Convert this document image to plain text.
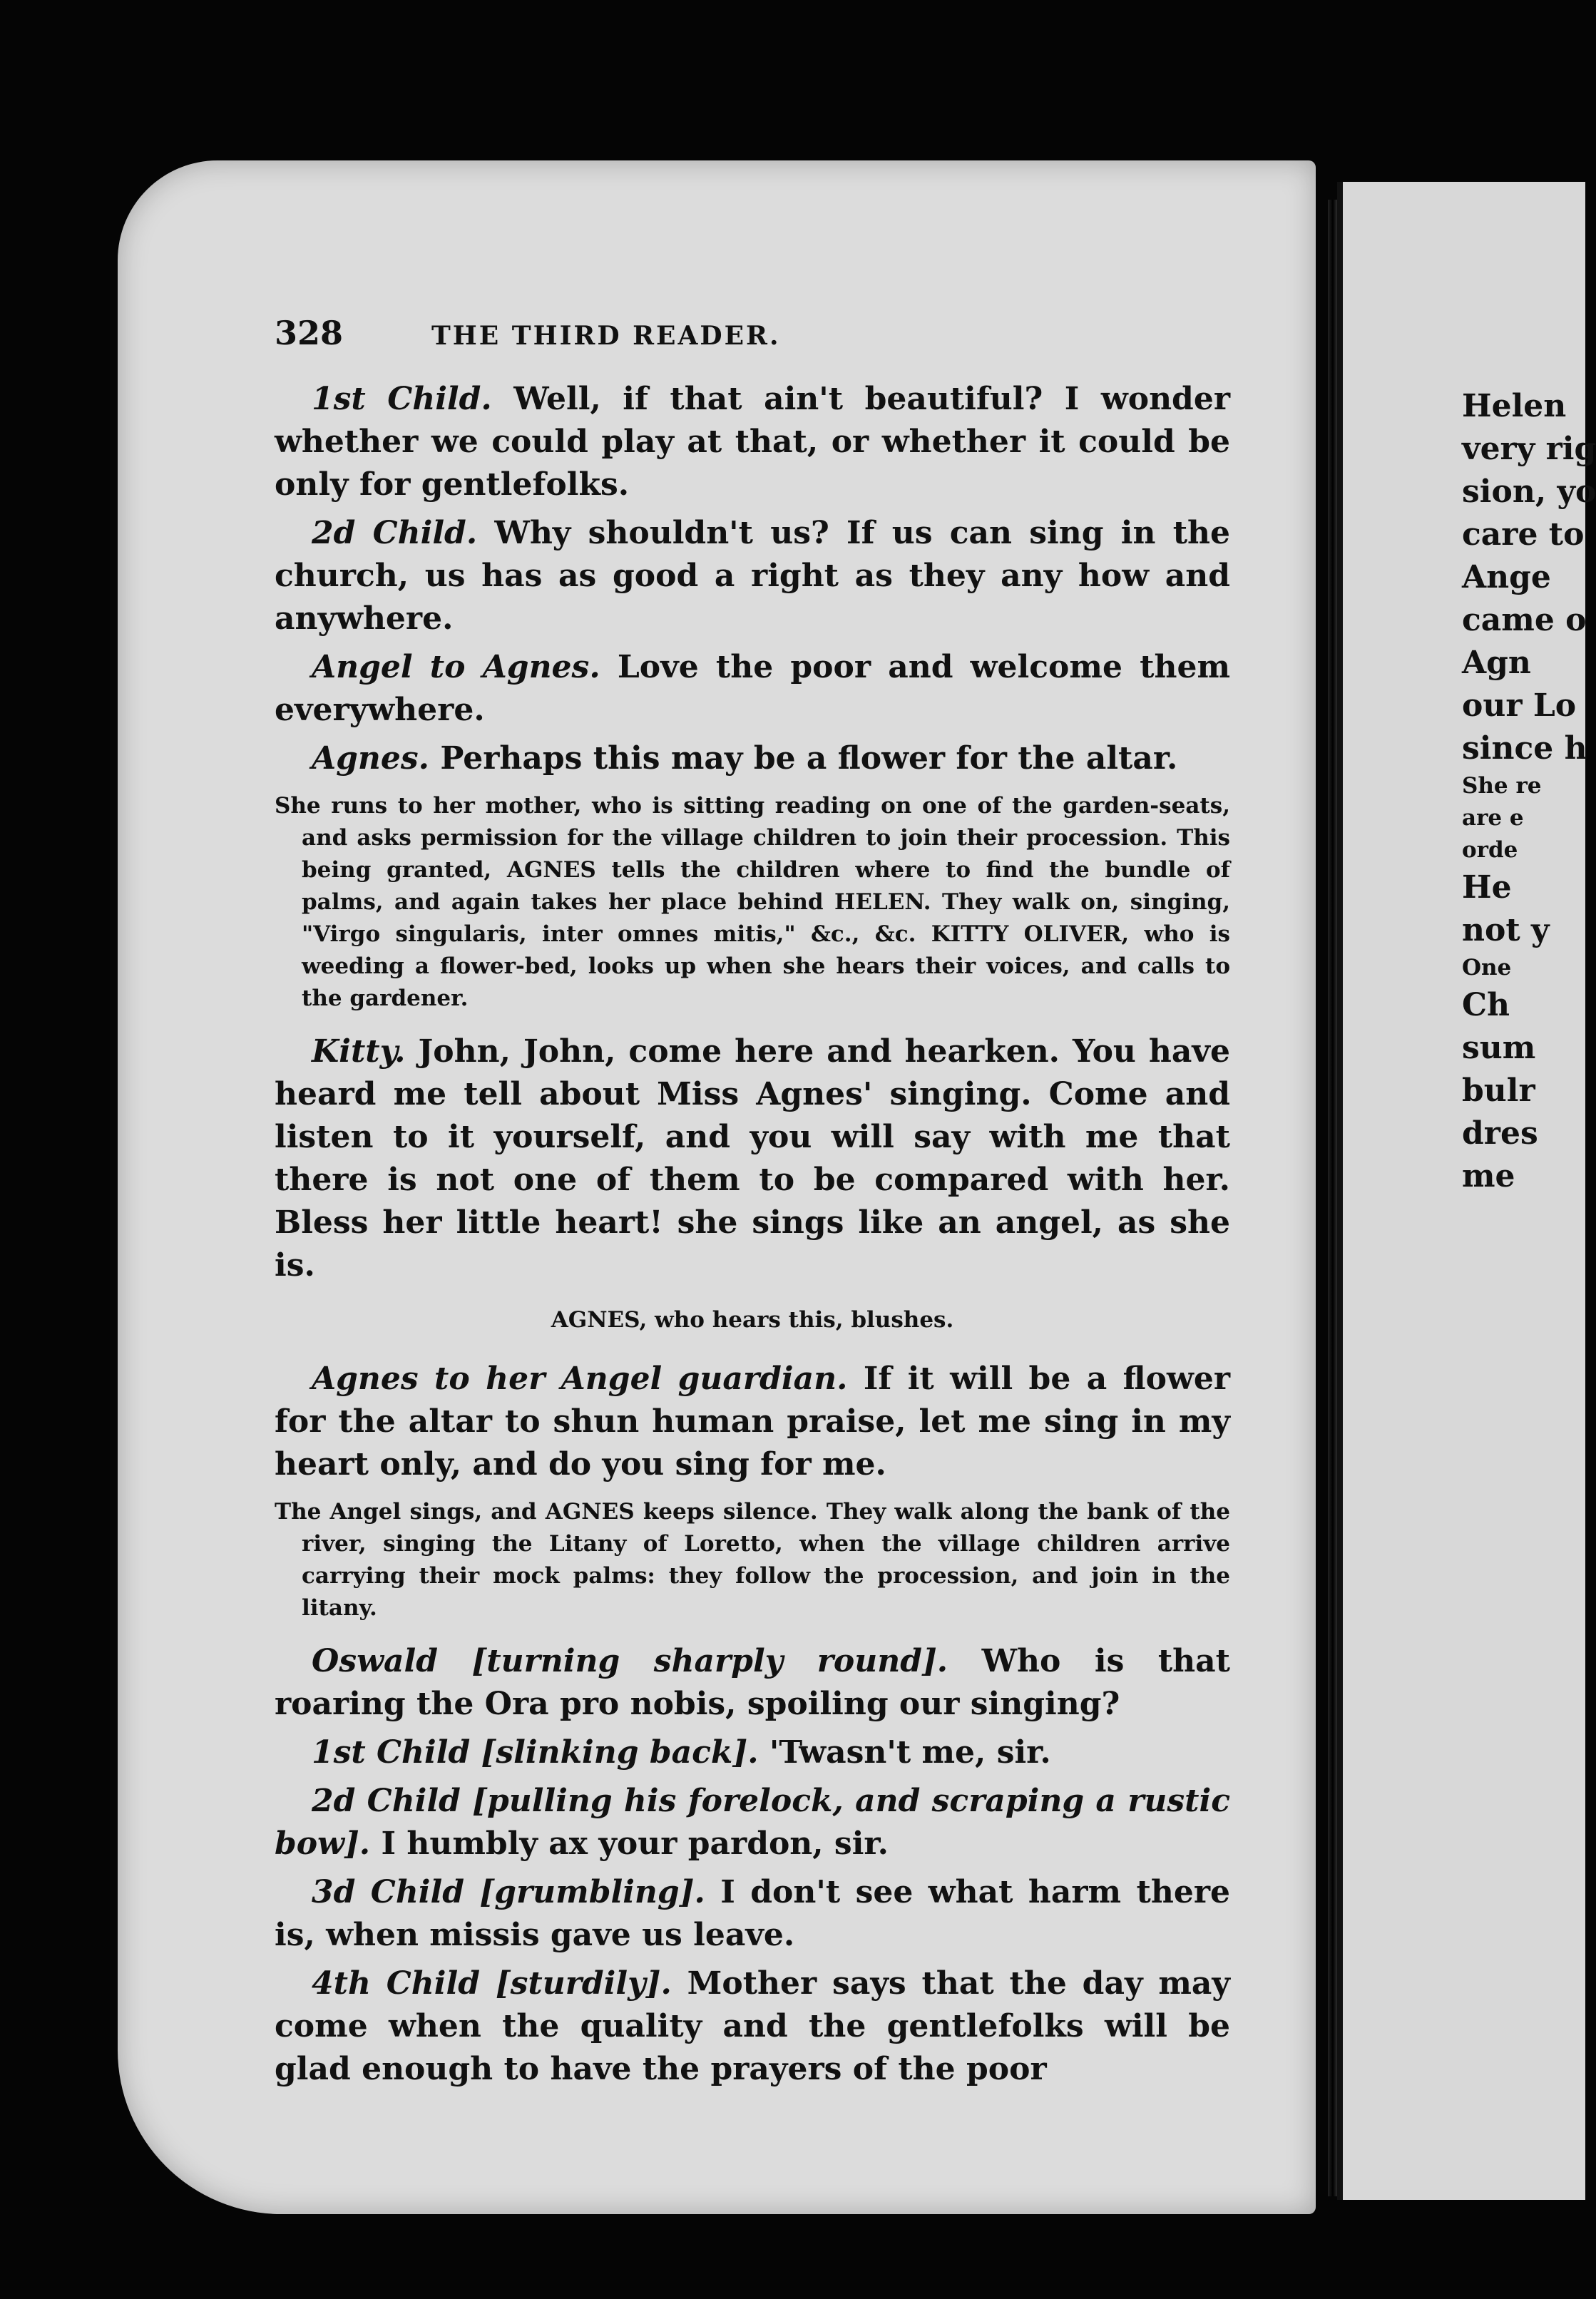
328	THE THIRD READER.

1st Child. Well, if that ain't beautiful? I wonder whether we could play at that, or whether it could be only for gentlefolks.

2d Child. Why shouldn't us? If us can sing in the church, us has as good a right as they any how and anywhere.

Angel to Agnes. Love the poor and welcome them everywhere.

Agnes. Perhaps this may be a flower for the altar.

She runs to her mother, who is sitting reading on one of the garden-seats, and asks permission for the village children to join their procession. This being granted, AGNES tells the children where to find the bundle of palms, and again takes her place behind HELEN. They walk on, singing, "Virgo singularis, inter omnes mitis," &c., &c. KITTY OLIVER, who is weeding a flower-bed, looks up when she hears their voices, and calls to the gardener.

Kitty. John, John, come here and hearken. You have heard me tell about Miss Agnes' singing. Come and listen to it yourself, and you will say with me that there is not one of them to be compared with her. Bless her little heart! she sings like an angel, as she is.

AGNES, who hears this, blushes.

Agnes to her Angel guardian. If it will be a flower for the altar to shun human praise, let me sing in my heart only, and do you sing for me.

The Angel sings, and AGNES keeps silence. They walk along the bank of the river, singing the Litany of Loretto, when the village children arrive carrying their mock palms: they follow the procession, and join in the litany.

Oswald [turning sharply round]. Who is that roaring the Ora pro nobis, spoiling our singing?

1st Child [slinking back]. 'Twasn't me, sir.

2d Child [pulling his forelock, and scraping a rustic bow]. I humbly ax your pardon, sir.

3d Child [grumbling]. I don't see what harm there is, when missis gave us leave.

4th Child [sturdily]. Mother says that the day may come when the quality and the gentlefolks will be glad enough to have the prayers of the poor

Helen
very rig
sion, yo
care to
Ange
came o
Agn
our Lo
since h
She re
are e
orde
He
not y
One
Ch
sum
bulr
dres
me
